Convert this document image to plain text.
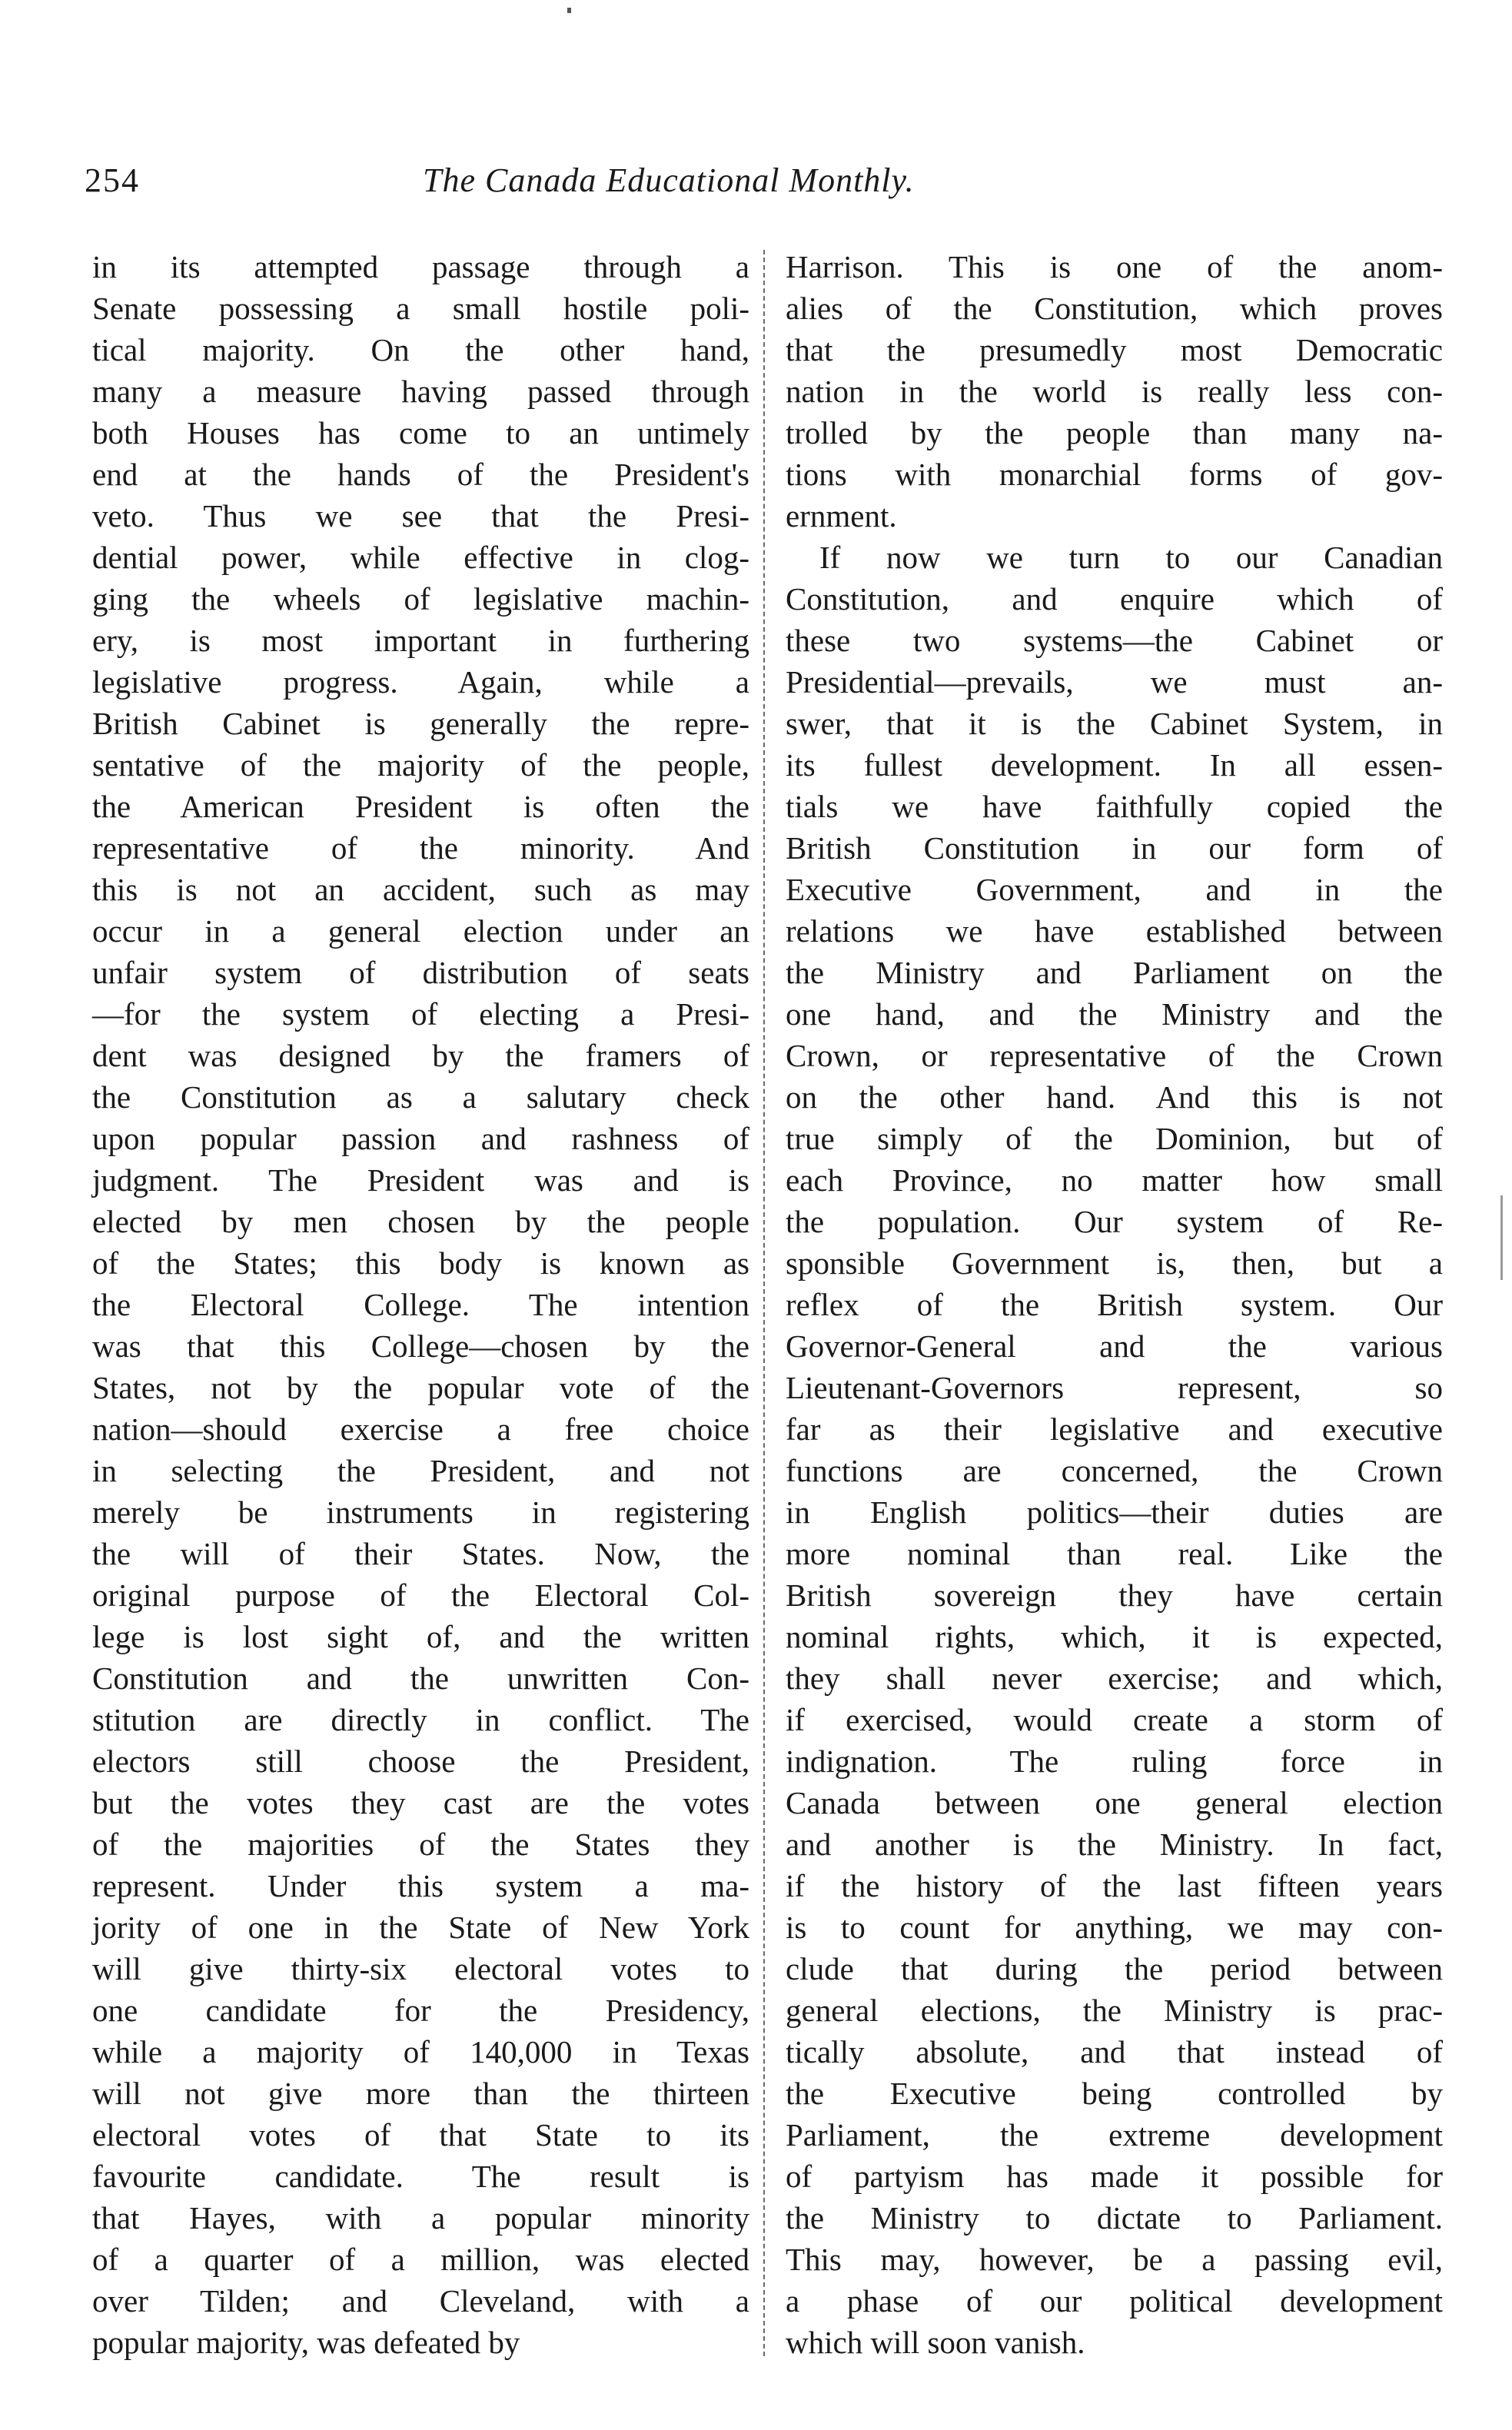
254	The Canada Educational Monthly.
in its attempted passage through a
Senate possessing a small hostile poli-
tical majority. On the other hand,
many a measure having passed through
both Houses has come to an untimely
end at the hands of the President's
veto. Thus we see that the Presi-
dential power, while effective in clog-
ging the wheels of legislative machin-
ery, is most important in furthering
legislative progress. Again, while a
British Cabinet is generally the repre-
sentative of the majority of the people,
the American President is often the
representative of the minority. And
this is not an accident, such as may
occur in a general election under an
unfair system of distribution of seats
—for the system of electing a Presi-
dent was designed by the framers of
the Constitution as a salutary check
upon popular passion and rashness of
judgment. The President was and is
elected by men chosen by the people
of the States; this body is known as
the Electoral College. The intention
was that this College—chosen by the
States, not by the popular vote of the
nation—should exercise a free choice
in selecting the President, and not
merely be instruments in registering
the will of their States. Now, the
original purpose of the Electoral Col-
lege is lost sight of, and the written
Constitution and the unwritten Con-
stitution are directly in conflict. The
electors still choose the President,
but the votes they cast are the votes
of the majorities of the States they
represent. Under this system a ma-
jority of one in the State of New York
will give thirty-six electoral votes to
one candidate for the Presidency,
while a majority of 140,000 in Texas
will not give more than the thirteen
electoral votes of that State to its
favourite candidate. The result is
that Hayes, with a popular minority
of a quarter of a million, was elected
over Tilden; and Cleveland, with a
popular majority, was defeated by
Harrison. This is one of the anom-
alies of the Constitution, which proves
that the presumedly most Democratic
nation in the world is really less con-
trolled by the people than many na-
tions with monarchial forms of gov-
ernment.
If now we turn to our Canadian
Constitution, and enquire which of
these two systems—the Cabinet or
Presidential—prevails, we must an-
swer, that it is the Cabinet System, in
its fullest development. In all essen-
tials we have faithfully copied the
British Constitution in our form of
Executive Government, and in the
relations we have established between
the Ministry and Parliament on the
one hand, and the Ministry and the
Crown, or representative of the Crown
on the other hand. And this is not
true simply of the Dominion, but of
each Province, no matter how small
the population. Our system of Re-
sponsible Government is, then, but a
reflex of the British system. Our
Governor-General and the various
Lieutenant-Governors represent, so
far as their legislative and executive
functions are concerned, the Crown
in English politics—their duties are
more nominal than real. Like the
British sovereign they have certain
nominal rights, which, it is expected,
they shall never exercise; and which,
if exercised, would create a storm of
indignation. The ruling force in
Canada between one general election
and another is the Ministry. In fact,
if the history of the last fifteen years
is to count for anything, we may con-
clude that during the period between
general elections, the Ministry is prac-
tically absolute, and that instead of
the Executive being controlled by
Parliament, the extreme development
of partyism has made it possible for
the Ministry to dictate to Parliament.
This may, however, be a passing evil,
a phase of our political development
which will soon vanish.
